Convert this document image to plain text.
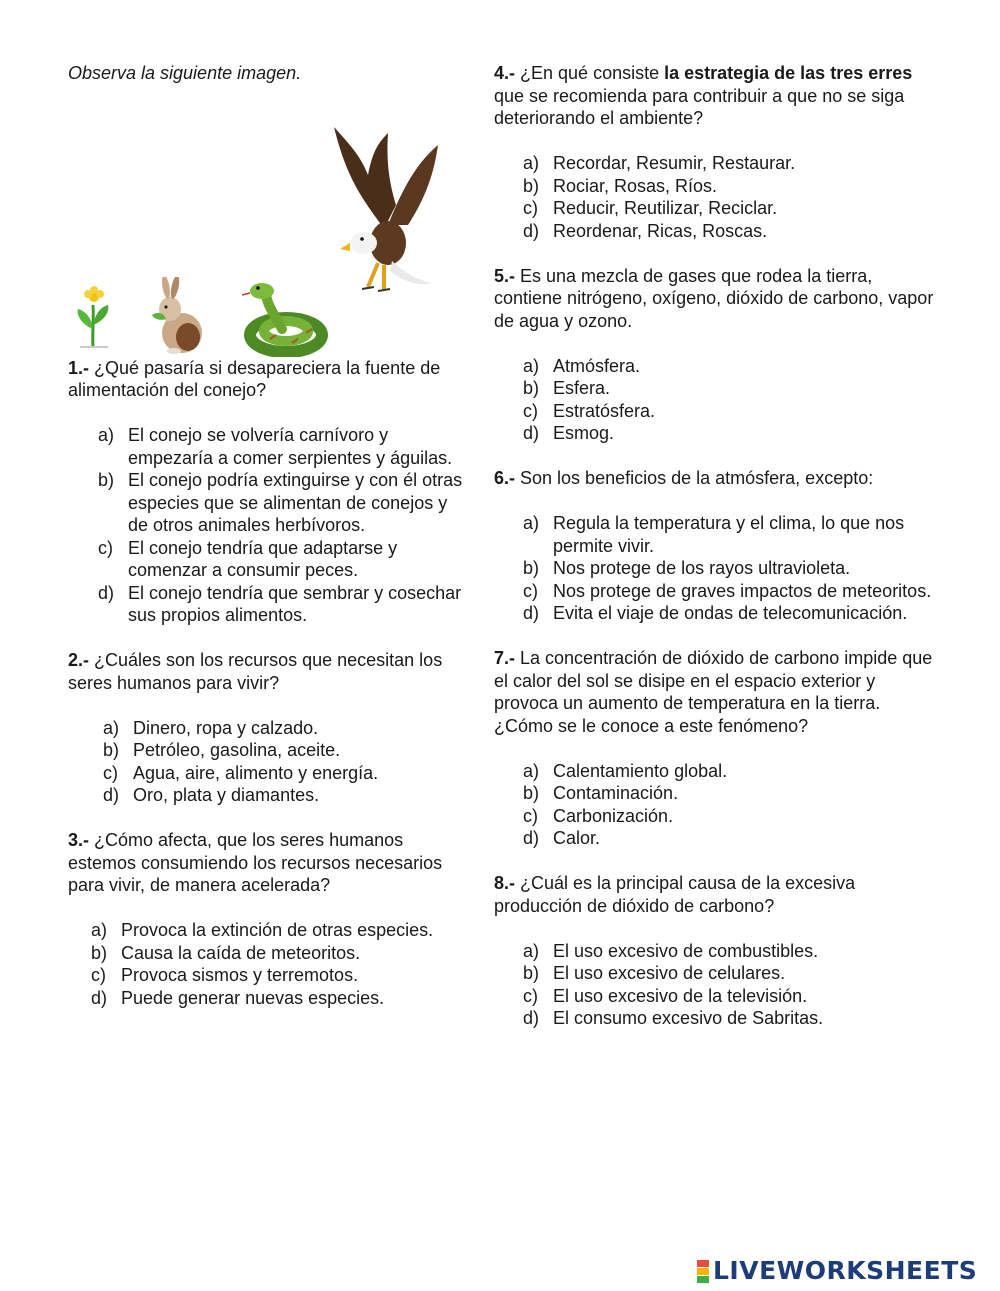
Observa la siguiente imagen.

1.- ¿Qué pasaría si desapareciera la fuente de alimentación del conejo?

a) El conejo se volvería carnívoro y empezaría a comer serpientes y águilas.
b) El conejo podría extinguirse y con él otras especies que se alimentan de conejos y de otros animales herbívoros.
c) El conejo tendría que adaptarse y comenzar a consumir peces.
d) El conejo tendría que sembrar y cosechar sus propios alimentos.

2.- ¿Cuáles son los recursos que necesitan los seres humanos para vivir?

a) Dinero, ropa y calzado.
b) Petróleo, gasolina, aceite.
c) Agua, aire, alimento y energía.
d) Oro, plata y diamantes.

3.- ¿Cómo afecta, que los seres humanos estemos consumiendo los recursos necesarios para vivir, de manera acelerada?

a) Provoca la extinción de otras especies.
b) Causa la caída de meteoritos.
c) Provoca sismos y terremotos.
d) Puede generar nuevas especies.

4.- ¿En qué consiste la estrategia de las tres erres que se recomienda para contribuir a que no se siga deteriorando el ambiente?

a) Recordar, Resumir, Restaurar.
b) Rociar, Rosas, Ríos.
c) Reducir, Reutilizar, Reciclar.
d) Reordenar, Ricas, Roscas.

5.- Es una mezcla de gases que rodea la tierra, contiene nitrógeno, oxígeno, dióxido de carbono, vapor de agua y ozono.

a) Atmósfera.
b) Esfera.
c) Estratósfera.
d) Esmog.

6.- Son los beneficios de la atmósfera, excepto:

a) Regula la temperatura y el clima, lo que nos permite vivir.
b) Nos protege de los rayos ultravioleta.
c) Nos protege de graves impactos de meteoritos.
d) Evita el viaje de ondas de telecomunicación.

7.- La concentración de dióxido de carbono impide que el calor del sol se disipe en el espacio exterior y provoca un aumento de temperatura en la tierra. ¿Cómo se le conoce a este fenómeno?

a) Calentamiento global.
b) Contaminación.
c) Carbonización.
d) Calor.

8.- ¿Cuál es la principal causa de la excesiva producción de dióxido de carbono?

a) El uso excesivo de combustibles.
b) El uso excesivo de celulares.
c) El uso excesivo de la televisión.
d) El consumo excesivo de Sabritas.
LIVEWORKSHEETS
